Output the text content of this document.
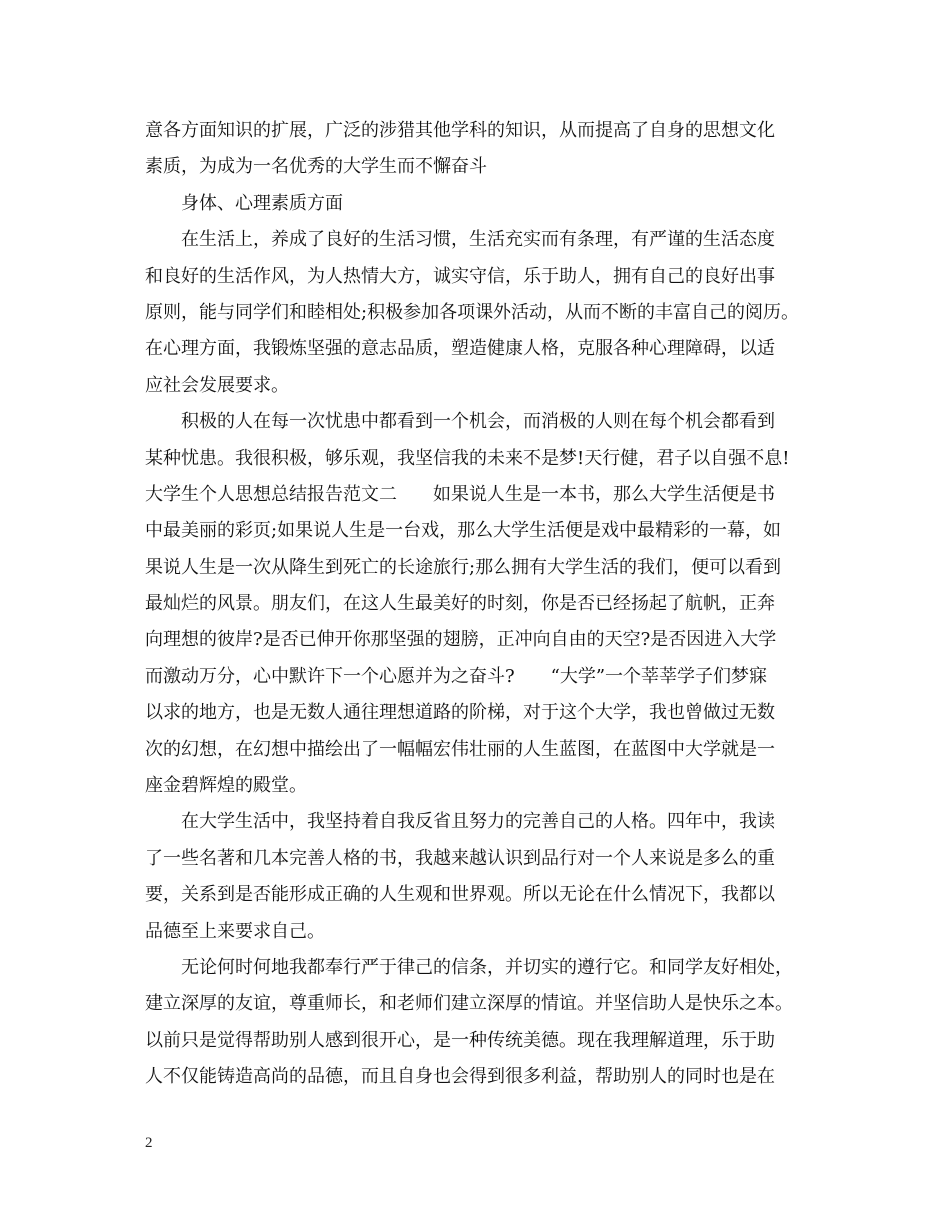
意各方面知识的扩展，广泛的涉猎其他学科的知识，从而提高了自身的思想文化
素质，为成为一名优秀的大学生而不懈奋斗
身体、心理素质方面
在生活上，养成了良好的生活习惯，生活充实而有条理，有严谨的生活态度
和良好的生活作风，为人热情大方，诚实守信，乐于助人，拥有自己的良好出事
原则，能与同学们和睦相处;积极参加各项课外活动，从而不断的丰富自己的阅历。
在心理方面，我锻炼坚强的意志品质，塑造健康人格，克服各种心理障碍，以适
应社会发展要求。
积极的人在每一次忧患中都看到一个机会，而消极的人则在每个机会都看到
某种忧患。我很积极，够乐观，我坚信我的未来不是梦!天行健，君子以自强不息!
大学生个人思想总结报告范文二　　如果说人生是一本书，那么大学生活便是书
中最美丽的彩页;如果说人生是一台戏，那么大学生活便是戏中最精彩的一幕，如
果说人生是一次从降生到死亡的长途旅行;那么拥有大学生活的我们，便可以看到
最灿烂的风景。朋友们，在这人生最美好的时刻，你是否已经扬起了航帆，正奔
向理想的彼岸?是否已伸开你那坚强的翅膀，正冲向自由的天空?是否因进入大学
而激动万分，心中默许下一个心愿并为之奋斗?　　“大学”一个莘莘学子们梦寐
以求的地方，也是无数人通往理想道路的阶梯，对于这个大学，我也曾做过无数
次的幻想，在幻想中描绘出了一幅幅宏伟壮丽的人生蓝图，在蓝图中大学就是一
座金碧辉煌的殿堂。
在大学生活中，我坚持着自我反省且努力的完善自己的人格。四年中，我读
了一些名著和几本完善人格的书，我越来越认识到品行对一个人来说是多么的重
要，关系到是否能形成正确的人生观和世界观。所以无论在什么情况下，我都以
品德至上来要求自己。
无论何时何地我都奉行严于律己的信条，并切实的遵行它。和同学友好相处，
建立深厚的友谊，尊重师长，和老师们建立深厚的情谊。并坚信助人是快乐之本。
以前只是觉得帮助别人感到很开心，是一种传统美德。现在我理解道理，乐于助
人不仅能铸造高尚的品德，而且自身也会得到很多利益，帮助别人的同时也是在
2
